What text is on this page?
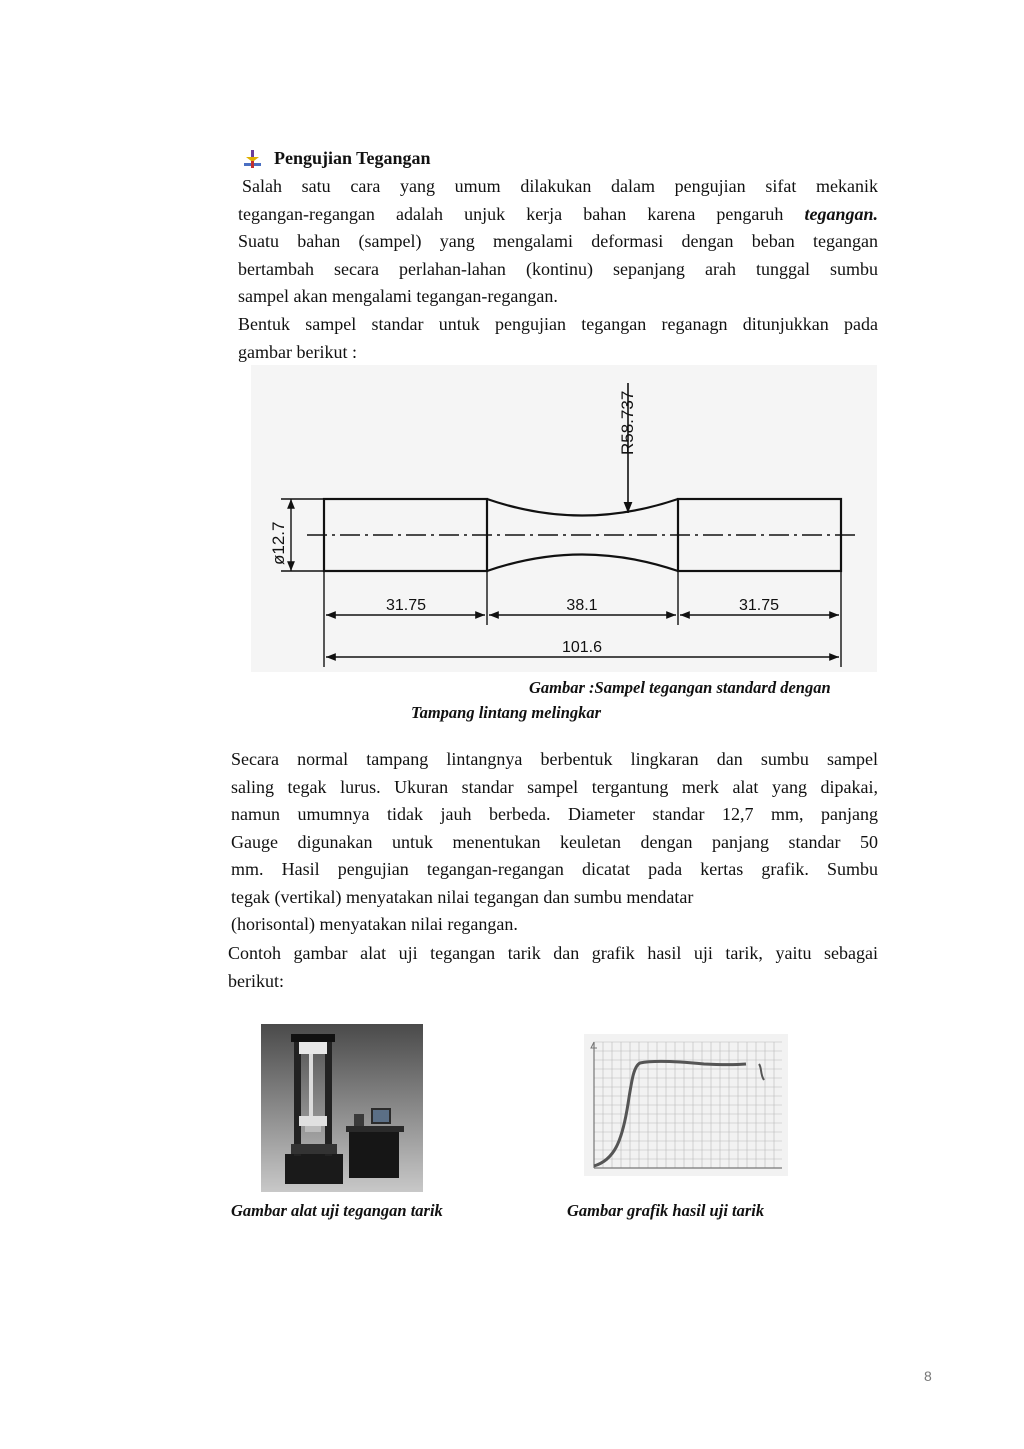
Pengujian Tegangan
Salah satu cara yang umum dilakukan dalam pengujian sifat mekanik
tegangan-regangan adalah unjuk kerja bahan karena pengaruh tegangan.
Suatu bahan (sampel) yang mengalami deformasi dengan beban tegangan
bertambah secara perlahan-lahan (kontinu) sepanjang arah tunggal sumbu
sampel akan mengalami tegangan-regangan.
Bentuk sampel standar untuk pengujian tegangan reganagn ditunjukkan pada
gambar berikut :
R58.737
ø12.7
31.75	38.1	31.75
101.6
Gambar :Sampel tegangan standard dengan
Tampang lintang melingkar
Secara normal tampang lintangnya berbentuk lingkaran dan sumbu sampel
saling tegak lurus. Ukuran standar sampel tergantung merk alat yang dipakai,
namun umumnya tidak jauh berbeda. Diameter standar 12,7 mm, panjang
Gauge digunakan untuk menentukan keuletan dengan panjang standar 50
mm. Hasil pengujian tegangan-regangan dicatat pada kertas grafik. Sumbu
tegak (vertikal) menyatakan nilai tegangan dan sumbu mendatar
(horisontal) menyatakan nilai regangan.
Contoh gambar alat uji tegangan tarik dan grafik hasil uji tarik, yaitu sebagai
berikut:
Gambar alat uji tegangan tarik	Gambar grafik hasil uji tarik
8
